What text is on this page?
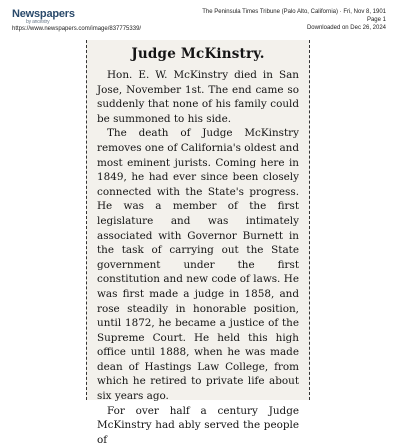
Newspapers
by ancestry
https://www.newspapers.com/image/837775339/
The Peninsula Times Tribune (Palo Alto, California) · Fri, Nov 8, 1901
Page 1
Downloaded on Dec 26, 2024
Judge McKinstry.

Hon. E. W. McKinstry died in San Jose, November 1st. The end came so suddenly that none of his family could be summoned to his side.

The death of Judge McKinstry removes one of California's oldest and most eminent jurists. Coming here in 1849, he had ever since been closely connected with the State's progress. He was a member of the first legislature and was intimately associated with Governor Burnett in the task of carrying out the State government under the first constitution and new code of laws. He was first made a judge in 1858, and rose steadily in honorable position, until 1872, he became a justice of the Supreme Court. He held this high office until 1888, when he was made dean of Hastings Law College, from which he retired to private life about six years ago.

For over half a century Judge McKinstry had ably served the people of
